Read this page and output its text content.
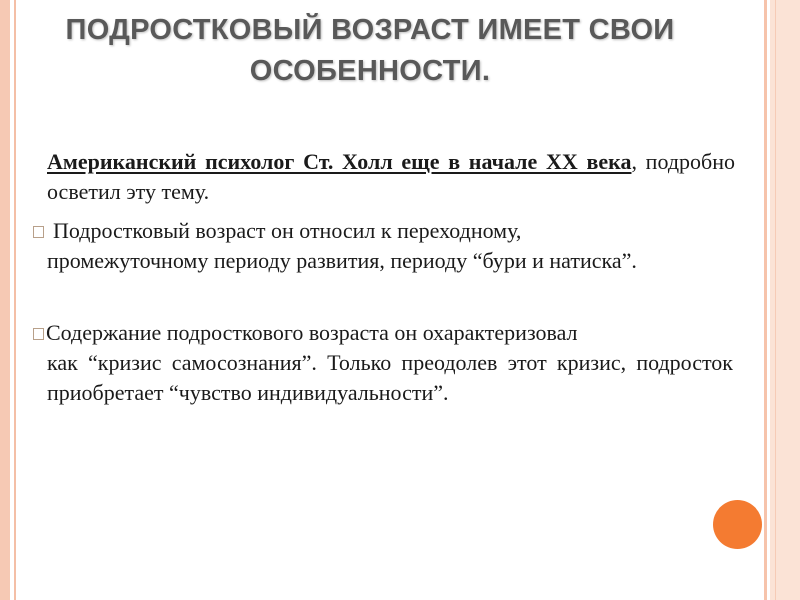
ПОДРОСТКОВЫЙ ВОЗРАСТ ИМЕЕТ СВОИ
ОСОБЕННОСТИ.
Американский психолог Ст. Холл еще в начале XX века, подробно осветил эту тему.
Подростковый возраст он относил к переходному,
промежуточному периоду развития, периоду “бури и натиска”.
Содержание подросткового возраста он охарактеризовал
как “кризис самосознания”. Только преодолев этот кризис, подросток приобретает “чувство индивидуальности”.
